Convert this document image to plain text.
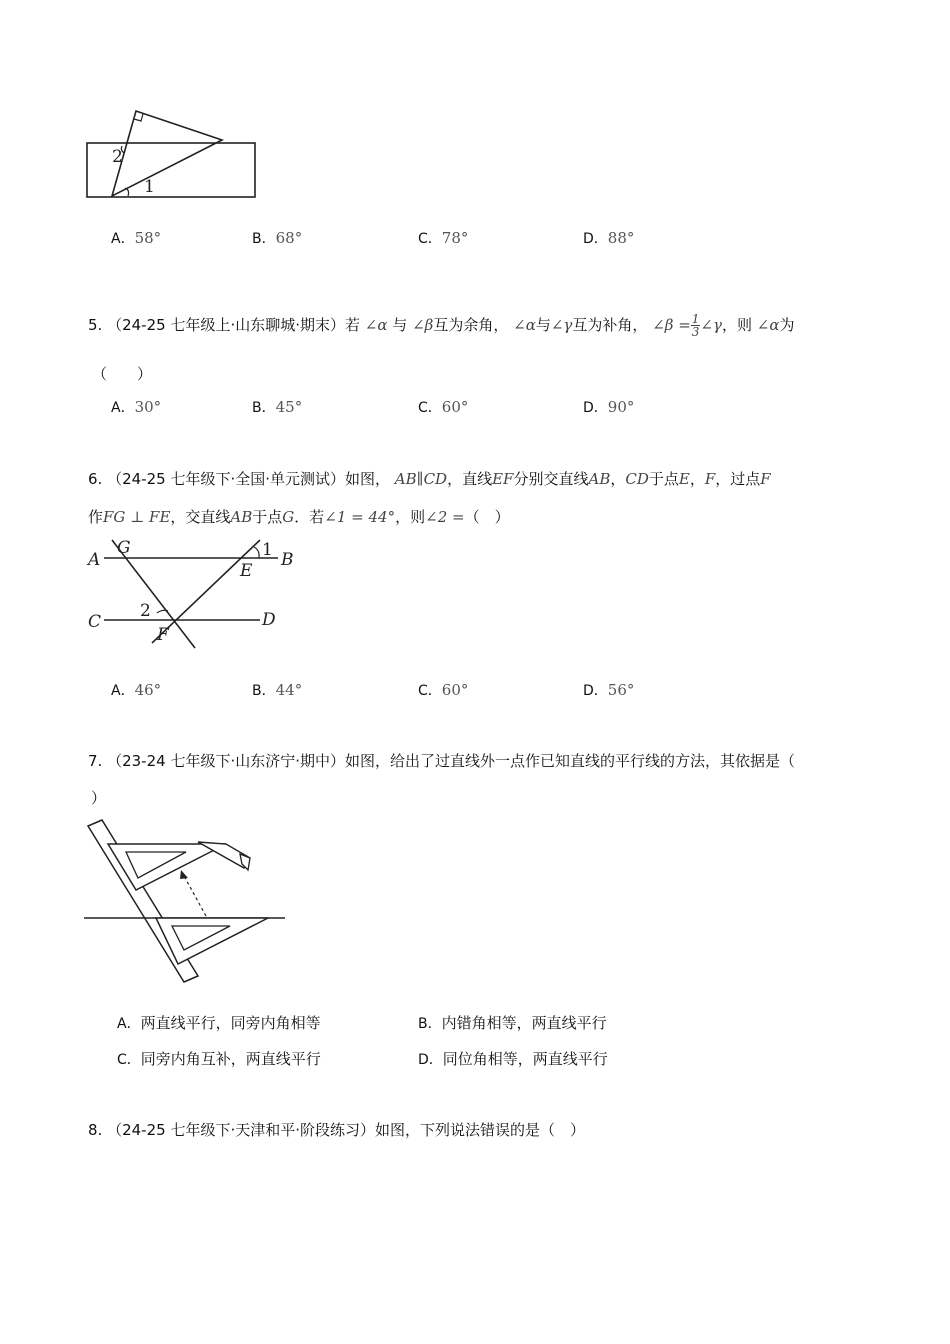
2
1
A．58°	B．68°	C．78°	D．88°
5. （24-25 七年级上·山东聊城·期末）若 ∠α 与 ∠β互为余角， ∠α与∠γ互为补角， ∠β = $\frac{1}{3}$ ∠γ，则 ∠α为
（　　）
A．30°	B．45°	C．60°	D．90°
6. （24-25 七年级下·全国·单元测试）如图， AB∥CD，直线EF分别交直线AB，CD于点E，F，过点F
作FG ⊥ FE，交直线AB于点G．若∠1 = 44°，则∠2 =（　）
A
G	1 B
E
C
2
F
D
A．46°	B．44°	C．60°	D．56°
7. （23-24 七年级下·山东济宁·期中）如图，给出了过直线外一点作已知直线的平行线的方法，其依据是（
）
A．两直线平行，同旁内角相等	B．内错角相等，两直线平行
C．同旁内角互补，两直线平行	D．同位角相等，两直线平行
8. （24-25 七年级下·天津和平·阶段练习）如图，下列说法错误的是（　）
